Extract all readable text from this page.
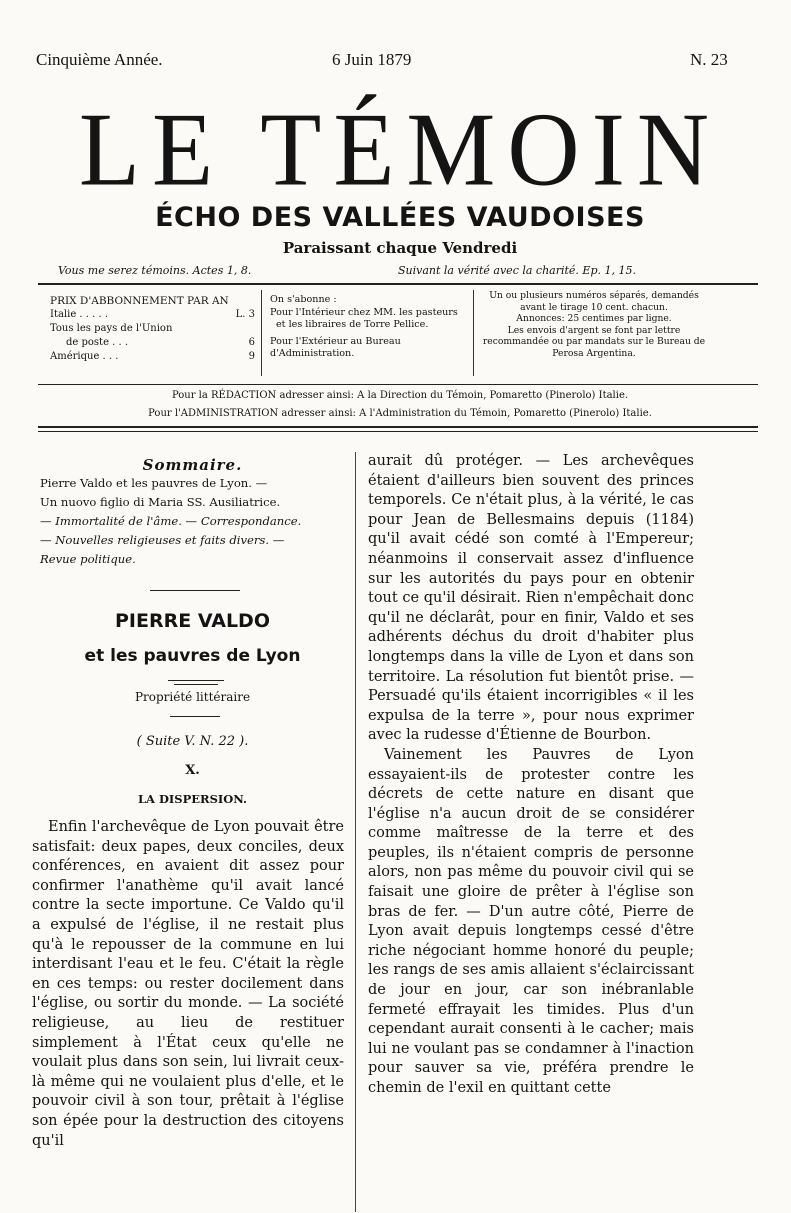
Cinquième Année.	6 Juin 1879	N. 23
LE TÉMOIN
ÉCHO DES VALLÉES VAUDOISES
Paraissant chaque Vendredi
Vous me serez témoins. Actes 1, 8.	Suivant la vérité avec la charité. Ep. 1, 15.
PRIX D'ABBONNEMENT PAR AN
Italie . . . . .	L. 3
Tous les pays de l'Union
de poste . . .	6
Amérique . . .	9
On s'abonne :
Pour l'Intérieur chez MM. les pasteurs et les libraires de Torre Pellice.
Pour l'Extérieur au Bureau d'Administration.
Un ou plusieurs numéros séparés, demandés avant le tirage 10 cent. chacun.
Annonces: 25 centimes par ligne.
Les envois d'argent se font par lettre recommandée ou par mandats sur le Bureau de Perosa Argentina.
Pour la RÉDACTION adresser ainsi: A la Direction du Témoin, Pomaretto (Pinerolo) Italie.
Pour l'ADMINISTRATION adresser ainsi: A l'Administration du Témoin, Pomaretto (Pinerolo) Italie.
Sommaire.
Pierre Valdo et les pauvres de Lyon. —
Un nuovo figlio di Maria SS. Ausiliatrice.
— Immortalité de l'âme. — Correspondance.
— Nouvelles religieuses et faits divers. —
Revue politique.
PIERRE VALDO
et les pauvres de Lyon
Propriété littéraire
( Suite V. N. 22 ).
X.
LA DISPERSION.

Enfin l'archevêque de Lyon pouvait être satisfait: deux papes, deux conciles, deux conférences, en avaient dit assez pour confirmer l'anathème qu'il avait lancé contre la secte importune. Ce Valdo qu'il a expulsé de l'église, il ne restait plus qu'à le repousser de la commune en lui interdisant l'eau et le feu. C'était la règle en ces temps: ou rester docilement dans l'église, ou sortir du monde. — La société religieuse, au lieu de restituer simplement à l'État ceux qu'elle ne voulait plus dans son sein, lui livrait ceux-là même qui ne voulaient plus d'elle, et le pouvoir civil à son tour, prêtait à l'église son épée pour la destruction des citoyens qu'il

aurait dû protéger. — Les archevêques étaient d'ailleurs bien souvent des princes temporels. Ce n'était plus, à la vérité, le cas pour Jean de Bellesmains depuis (1184) qu'il avait cédé son comté à l'Empereur; néanmoins il conservait assez d'influence sur les autorités du pays pour en obtenir tout ce qu'il désirait. Rien n'empêchait donc qu'il ne déclarât, pour en finir, Valdo et ses adhérents déchus du droit d'habiter plus longtemps dans la ville de Lyon et dans son territoire. La résolution fut bientôt prise. — Persuadé qu'ils étaient incorrigibles « il les expulsa de la terre », pour nous exprimer avec la rudesse d'Étienne de Bourbon.

Vainement les Pauvres de Lyon essayaient-ils de protester contre les décrets de cette nature en disant que l'église n'a aucun droit de se considérer comme maîtresse de la terre et des peuples, ils n'étaient compris de personne alors, non pas même du pouvoir civil qui se faisait une gloire de prêter à l'église son bras de fer. — D'un autre côté, Pierre de Lyon avait depuis longtemps cessé d'être riche négociant homme honoré du peuple; les rangs de ses amis allaient s'éclaircissant de jour en jour, car son inébranlable fermeté effrayait les timides. Plus d'un cependant aurait consenti à le cacher; mais lui ne voulant pas se condamner à l'inaction pour sauver sa vie, préféra prendre le chemin de l'exil en quittant cette
